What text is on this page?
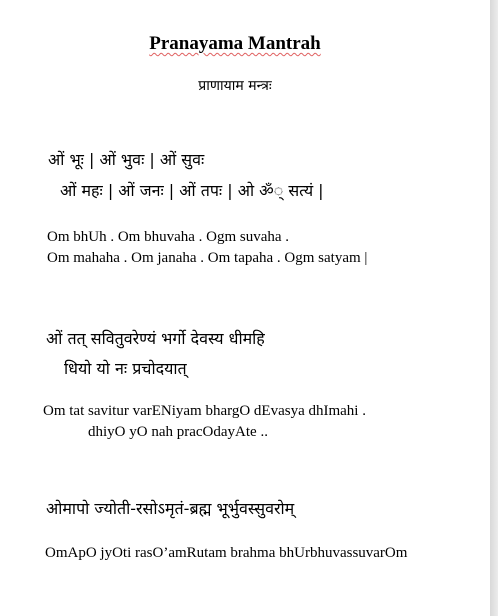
Pranayama Mantrah

प्राणायाम मन्त्रः

ओं भूः | ओं भुवः | ओं सुवः

ओं महः | ओं जनः | ओं तपः | ओ ॐ् सत्यं |

Om bhUh . Om bhuvaha . Ogm suvaha .

Om mahaha . Om janaha . Om tapaha . Ogm satyam |

ओं तत् सवितुवरेण्यं भर्गो देवस्य धीमहि

धियो यो नः प्रचोदयात्

Om tat savitur varENiyam bhargO dEvasya dhImahi .

dhiyO yO nah pracOdayAte ..

ओमापो ज्योती-रसोऽमृतं-ब्रह्म भूर्भुवस्सुवरोम्

OmApO jyOti rasO’amRutam brahma bhUrbhuvassuvarOm
